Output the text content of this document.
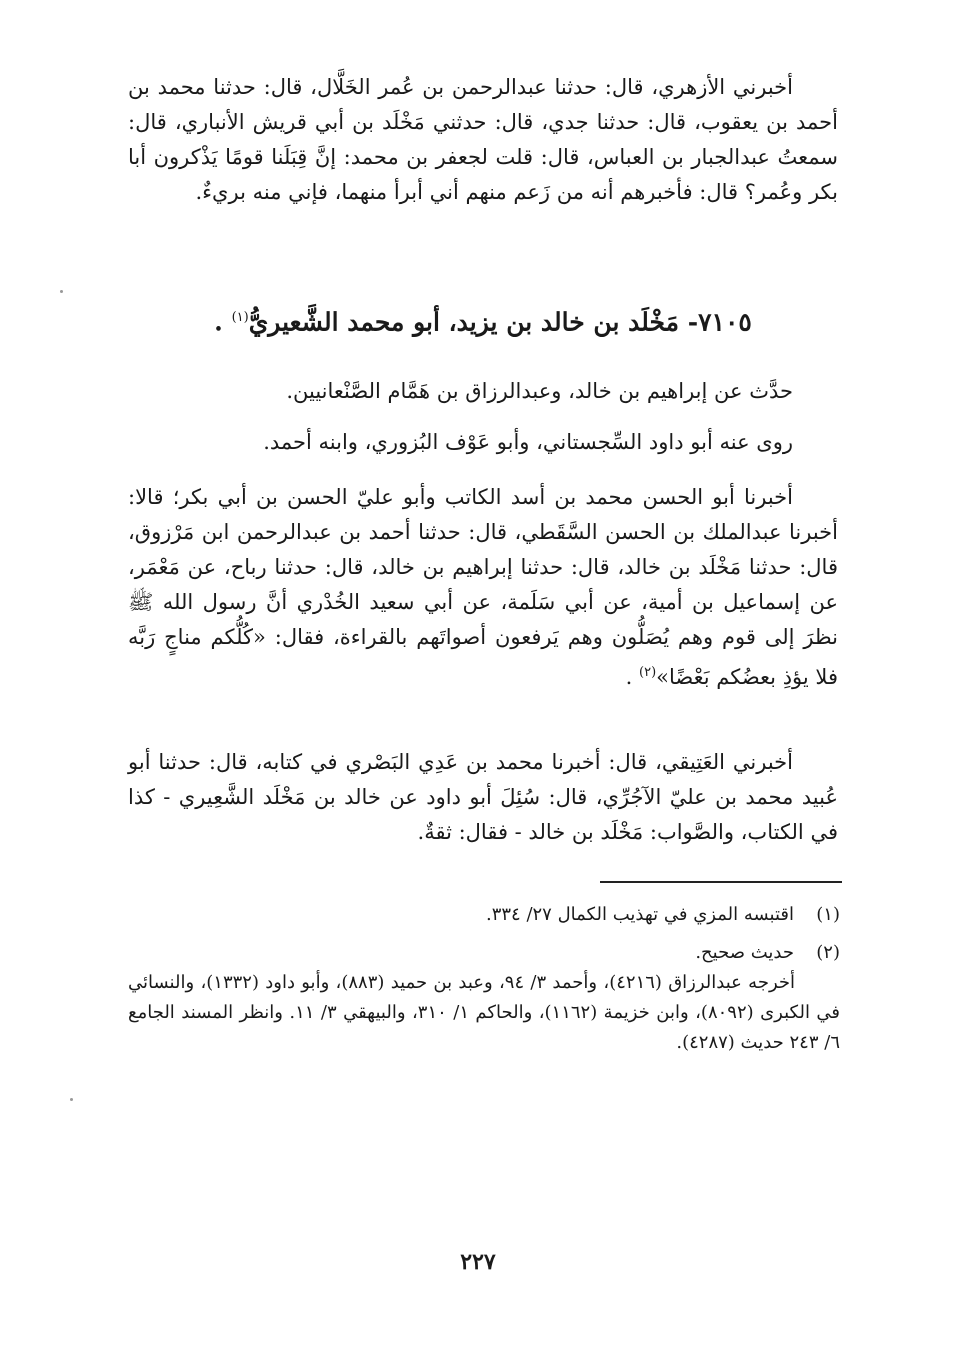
أخبرني الأزهري، قال: حدثنا عبدالرحمن بن عُمر الخَلَّال، قال: حدثنا محمد بن أحمد بن يعقوب، قال: حدثنا جدي، قال: حدثني مَخْلَد بن أبي قريش الأنباري، قال: سمعتُ عبدالجبار بن العباس، قال: قلت لجعفر بن محمد: إنَّ قِبَلَنا قومًا يَذْكرون أبا بكر وعُمر؟ قال: فأخبرهم أنه من زَعم منهم أني أبرأ منهما، فإني منه بريءٌ.

٧١٠٥- مَخْلَد بن خالد بن يزيد، أبو محمد الشَّعيريُّ$^{(١)}$ .

حدَّث عن إبراهيم بن خالد، وعبدالرزاق بن هَمَّام الصَّنْعانيين.

روى عنه أبو داود السِّجستاني، وأبو عَوْف البُزوري، وابنه أحمد.

أخبرنا أبو الحسن محمد بن أسد الكاتب وأبو عليّ الحسن بن أبي بكر؛ قالا: أخبرنا عبدالملك بن الحسن السَّقَطي، قال: حدثنا أحمد بن عبدالرحمن ابن مَرْزوق، قال: حدثنا مَخْلَد بن خالد، قال: حدثنا إبراهيم بن خالد، قال: حدثنا رباح، عن مَعْمَر، عن إسماعيل بن أمية، عن أبي سَلَمة، عن أبي سعيد الخُدْري أنَّ رسول الله ﷺ نظرَ إلى قوم وهم يُصَلُّون وهم يَرفعون أصواتَهم بالقراءة، فقال: «كُلُّكم مناجٍ رَبَّه فلا يؤذِ بعضُكم بَعْضًا»$^{(٢)}$ .

أخبرني العَتِيقي، قال: أخبرنا محمد بن عَدِي البَصْري في كتابه، قال: حدثنا أبو عُبيد محمد بن عليّ الآجُرِّي، قال: سُئِلَ أبو داود عن خالد بن مَخْلَد الشَّعِيري - كذا في الكتاب، والصَّواب: مَخْلَد بن خالد - فقال: ثقةٌ.

(١)اقتبسه المزي في تهذيب الكمال ٢٧/ ٣٣٤.

(٢)حديث صحيح.

أخرجه عبدالرزاق (٤٢١٦)، وأحمد ٣/ ٩٤، وعبد بن حميد (٨٨٣)، وأبو داود (١٣٣٢)، والنسائي في الكبرى (٨٠٩٢)، وابن خزيمة (١١٦٢)، والحاكم ١/ ٣١٠، والبيهقي ٣/ ١١. وانظر المسند الجامع ٦/ ٢٤٣ حديث (٤٢٨٧).

٢٢٧
